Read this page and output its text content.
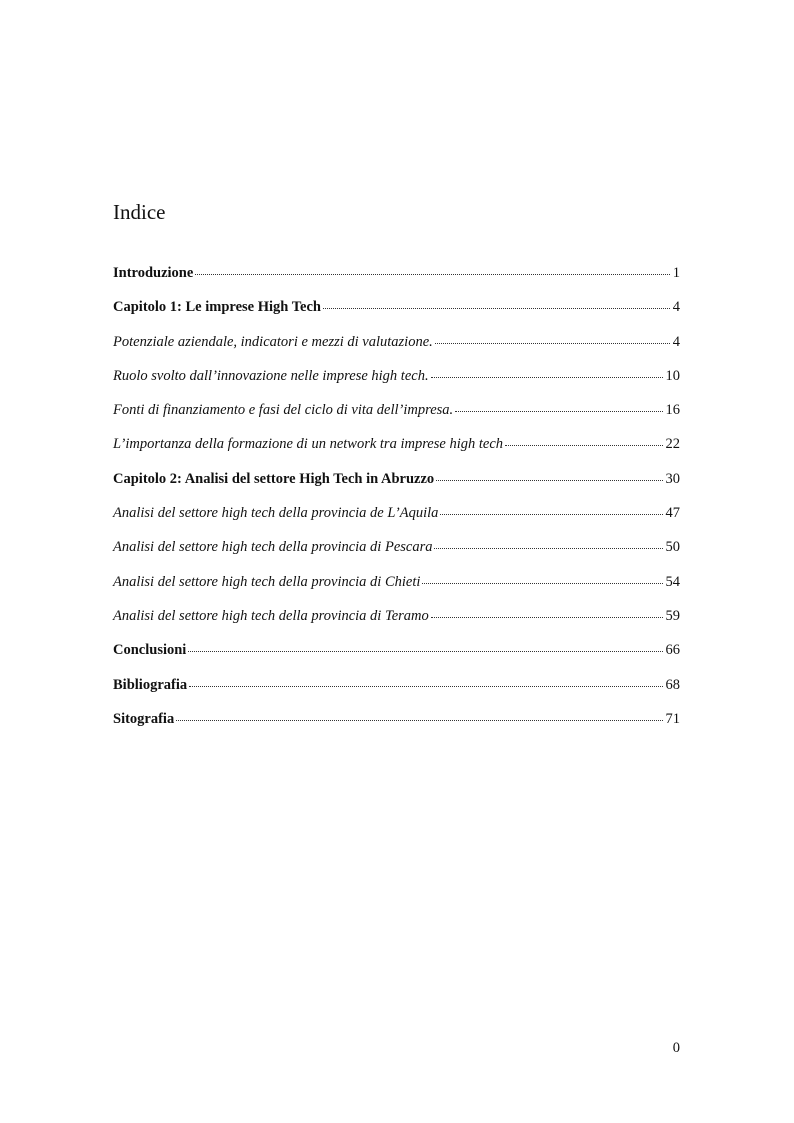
Indice
Introduzione	1
Capitolo 1: Le imprese High Tech	4
Potenziale aziendale, indicatori e mezzi di valutazione.	4
Ruolo svolto dall’innovazione nelle imprese high tech.	10
Fonti di finanziamento e fasi del ciclo di vita dell’impresa.	16
L’importanza della formazione di un network tra imprese high tech	22
Capitolo 2: Analisi del settore High Tech in Abruzzo	30
Analisi del settore high tech della provincia de L’Aquila	47
Analisi del settore high tech della provincia di Pescara	50
Analisi del settore high tech della provincia di Chieti	54
Analisi del settore high tech della provincia di Teramo	59
Conclusioni	66
Bibliografia	68
Sitografia	71
0
